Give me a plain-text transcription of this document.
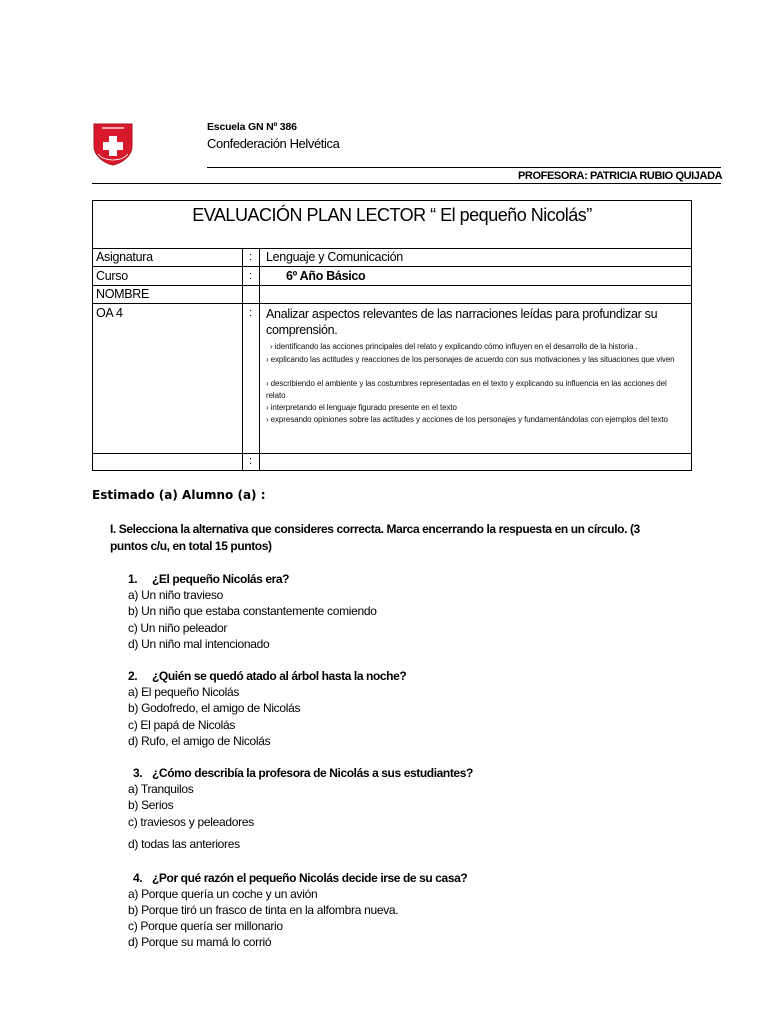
Escuela GN Nº 386
Confederación Helvética
PROFESORA: PATRICIA RUBIO QUIJADA
EVALUACIÓN PLAN LECTOR “ El pequeño Nicolás”
Asignatura	: Lenguaje y Comunicación
Curso	:	6º Año Básico
NOMBRE
OA 4	: Analizar aspectos relevantes de las narraciones leídas para profundizar su comprensión.
› identificando las acciones principales del relato y explicando cómo influyen en el desarrollo de la historia .
› explicando las actitudes y reacciones de los personajes de acuerdo con sus motivaciones y las situaciones que viven
› describiendo el ambiente y las costumbres representadas en el texto y explicando su influencia en las acciones del relato
› interpretando el lenguaje figurado presente en el texto
› expresando opiniones sobre las actitudes y acciones de los personajes y fundamentándolas con ejemplos del texto
:
Estimado (a) Alumno (a) :
I. Selecciona la alternativa que consideres correcta. Marca encerrando la respuesta en un círculo. (3 puntos c/u, en total 15 puntos)
1. ¿El pequeño Nicolás era?
a) Un niño travieso
b) Un niño que estaba constantemente comiendo
c) Un niño peleador
d) Un niño mal intencionado
2. ¿Quién se quedó atado al árbol hasta la noche?
a) El pequeño Nicolás
b) Godofredo, el amigo de Nicolás
c) El papá de Nicolás
d) Rufo, el amigo de Nicolás
3. ¿Cómo describía la profesora de Nicolás a sus estudiantes?
a) Tranquilos
b) Serios
c) traviesos y peleadores
d) todas las anteriores
4. ¿Por qué razón el pequeño Nicolás decide irse de su casa?
a) Porque quería un coche y un avión
b) Porque tiró un frasco de tinta en la alfombra nueva.
c) Porque quería ser millonario
d) Porque su mamá lo corrió
